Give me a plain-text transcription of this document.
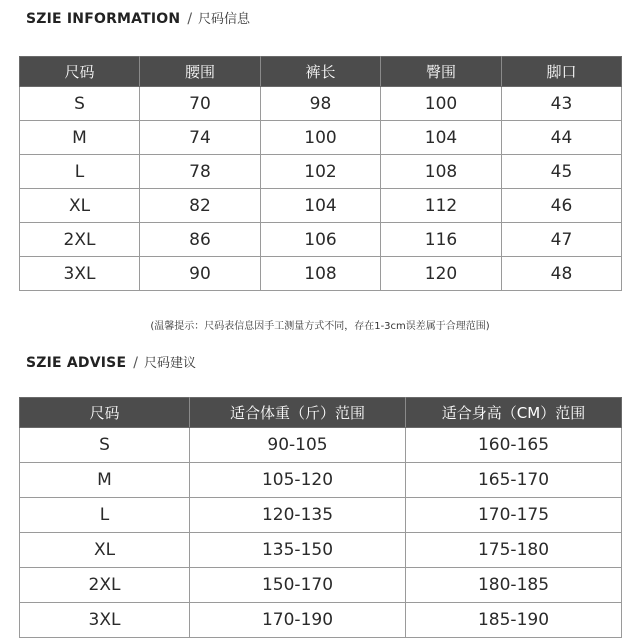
SZIE INFORMATION / 尺码信息
尺码	腰围	裤长	臀围	脚口
S	70	98	100	43
M	74	100	104	44
L	78	102	108	45
XL	82	104	112	46
2XL	86	106	116	47
3XL	90	108	120	48
(温馨提示：尺码表信息因手工测量方式不同，存在1-3cm误差属于合理范围)
SZIE ADVISE / 尺码建议
尺码	适合体重（斤）范围	适合身高（CM）范围
S	90-105	160-165
M	105-120	165-170
L	120-135	170-175
XL	135-150	175-180
2XL	150-170	180-185
3XL	170-190	185-190
